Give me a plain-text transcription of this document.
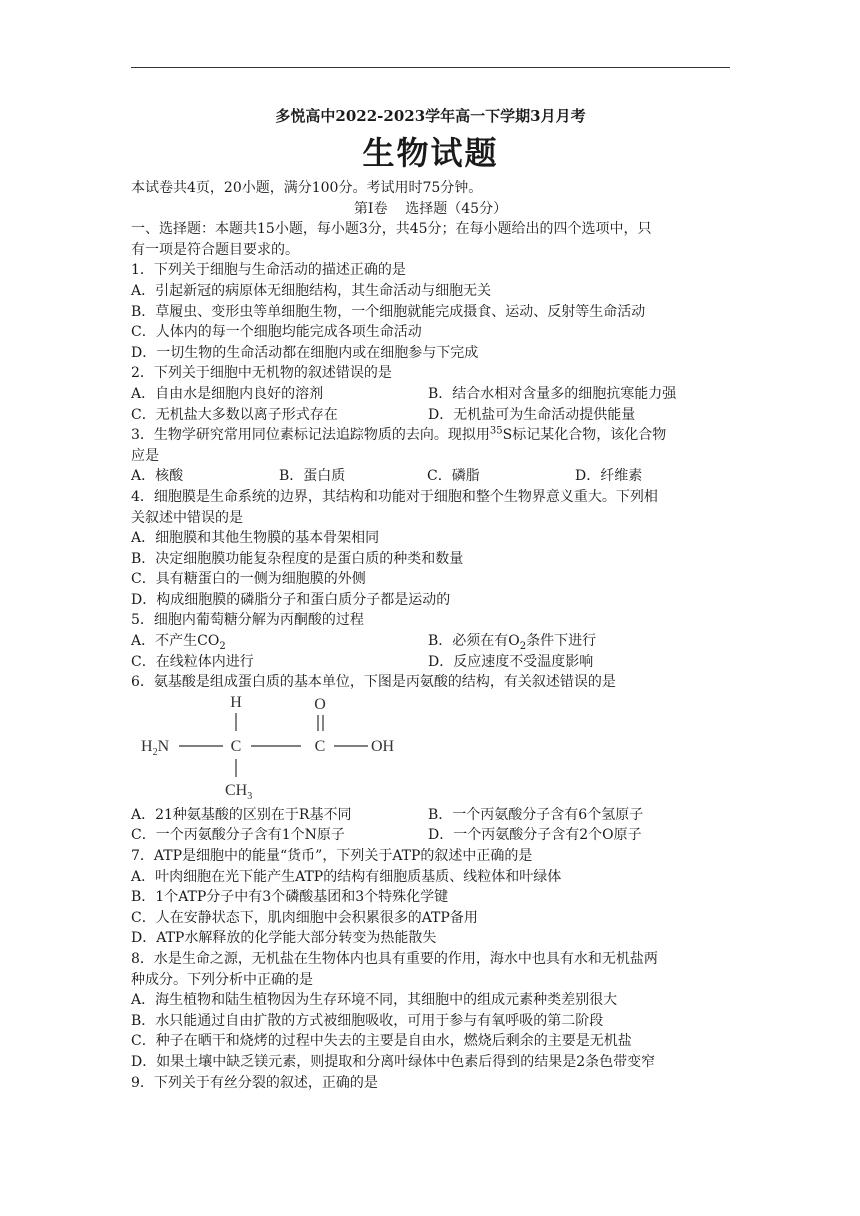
多悦高中2022-2023学年高一下学期3月月考
生物试题
本试卷共4页，20小题，满分100分。考试用时75分钟。
第I卷    选择题（45分）
一、选择题：本题共15小题，每小题3分，共45分；在每小题给出的四个选项中，只
有一项是符合题目要求的。
1．下列关于细胞与生命活动的描述正确的是
A．引起新冠的病原体无细胞结构，其生命活动与细胞无关
B．草履虫、变形虫等单细胞生物，一个细胞就能完成摄食、运动、反射等生命活动
C．人体内的每一个细胞均能完成各项生命活动
D．一切生物的生命活动都在细胞内或在细胞参与下完成
2．下列关于细胞中无机物的叙述错误的是
A．自由水是细胞内良好的溶剂	B．结合水相对含量多的细胞抗寒能力强
C．无机盐大多数以离子形式存在	D．无机盐可为生命活动提供能量
3．生物学研究常用同位素标记法追踪物质的去向。现拟用$^{35}$S标记某化合物，该化合物
应是
A．核酸	B．蛋白质	C．磷脂	D．纤维素
4．细胞膜是生命系统的边界，其结构和功能对于细胞和整个生物界意义重大。下列相
关叙述中错误的是
A．细胞膜和其他生物膜的基本骨架相同
B．决定细胞膜功能复杂程度的是蛋白质的种类和数量
C．具有糖蛋白的一侧为细胞膜的外侧
D．构成细胞膜的磷脂分子和蛋白质分子都是运动的
5．细胞内葡萄糖分解为丙酮酸的过程
A．不产生$CO_2$	B．必须在有$O_2$条件下进行
C．在线粒体内进行	D．反应速度不受温度影响
6．氨基酸是组成蛋白质的基本单位，下图是丙氨酸的结构，有关叙述错误的是
H	O
$H_2N$	C	C	OH
$CH_3$
A．21种氨基酸的区别在于R基不同	B．一个丙氨酸分子含有6个氢原子
C．一个丙氨酸分子含有1个N原子	D．一个丙氨酸分子含有2个O原子
7．ATP是细胞中的能量“货币”，下列关于ATP的叙述中正确的是
A．叶肉细胞在光下能产生ATP的结构有细胞质基质、线粒体和叶绿体
B．1个ATP分子中有3个磷酸基团和3个特殊化学键
C．人在安静状态下，肌肉细胞中会积累很多的ATP备用
D．ATP水解释放的化学能大部分转变为热能散失
8．水是生命之源，无机盐在生物体内也具有重要的作用，海水中也具有水和无机盐两
种成分。下列分析中正确的是
A．海生植物和陆生植物因为生存环境不同，其细胞中的组成元素种类差别很大
B．水只能通过自由扩散的方式被细胞吸收，可用于参与有氧呼吸的第二阶段
C．种子在晒干和烧烤的过程中失去的主要是自由水，燃烧后剩余的主要是无机盐
D．如果土壤中缺乏镁元素，则提取和分离叶绿体中色素后得到的结果是2条色带变窄
9．下列关于有丝分裂的叙述，正确的是
